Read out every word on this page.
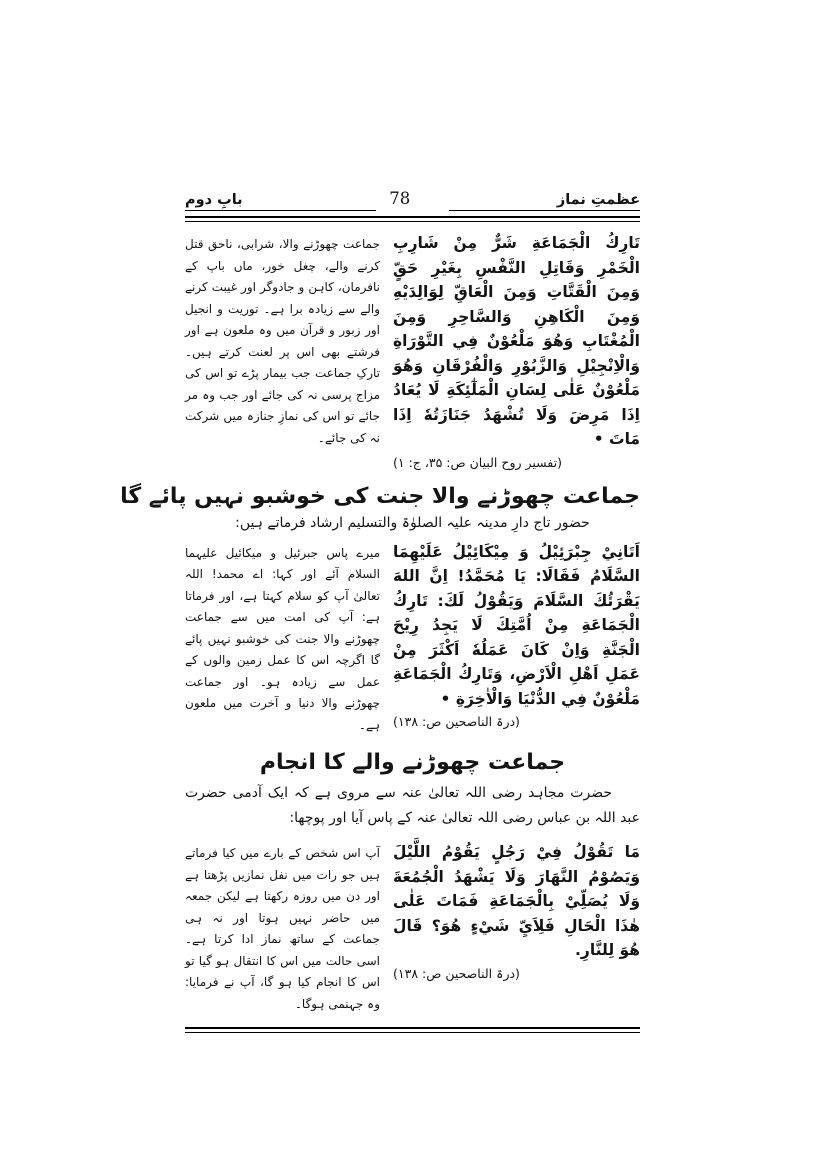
بابِ دوم	78	عظمتِ نماز
تَارِكُ الْجَمَاعَةِ شَرٌّ مِنْ شَارِبِ الْخَمْرِ وَقَاتِلِ النَّفْسِ بِغَيْرِ حَقٍّ وَمِنَ الْقَتَّاتِ وَمِنَ الْعَاقِّ لِوَالِدَيْهِ وَمِنَ الْكَاهِنِ وَالسَّاحِرِ وَمِنَ الْمُغْتَابِ وَهُوَ مَلْعُوْنٌ فِي التَّوْرَاةِ وَالْاِنْجِيْلِ وَالزَّبُوْرِ وَالْفُرْقَانِ وَهُوَ مَلْعُوْنٌ عَلٰى لِسَانِ الْمَلٰٓئِكَةِ لَا يُعَادُ اِذَا مَرِضَ وَلَا تُشْهَدُ جَنَازَتُهٗ اِذَا مَاتَ •
(تفسیر روح البیان ص: ۳۵، ج: ۱)
جماعت چھوڑنے والا، شرابی، ناحق قتل کرنے والے، چغل خور، ماں باپ کے نافرمان، کاہن و جادوگر اور غیبت کرنے والے سے زیادہ برا ہے۔ توریت و انجیل اور زبور و قرآن میں وہ ملعون ہے اور فرشتے بھی اس پر لعنت کرتے ہیں۔ تارکِ جماعت جب بیمار پڑے تو اس کی مزاج پرسی نہ کی جائے اور جب وہ مر جائے تو اس کی نمازِ جنازہ میں شرکت نہ کی جائے۔
جماعت چھوڑنے والا جنت کی خوشبو نہیں پائے گا
حضور تاج دارِ مدینہ علیہ الصلوٰۃ والتسلیم ارشاد فرماتے ہیں:
اَتَانِيْ جِبْرَئِيْلُ وَ مِيْكَائِيْلُ عَلَيْهِمَا السَّلَامُ فَقَالَا: يَا مُحَمَّدُ! اِنَّ اللهَ يَقْرَئُكَ السَّلَامَ وَيَقُوْلُ لَكَ: تَارِكُ الْجَمَاعَةِ مِنْ اُمَّتِكَ لَا يَجِدُ رِيْحَ الْجَنَّةِ وَاِنْ كَانَ عَمَلُهٗ اَكْثَرَ مِنْ عَمَلِ اَهْلِ الْاَرْضِ، وَتَارِكُ الْجَمَاعَةِ مَلْعُوْنٌ فِي الدُّنْيَا وَالْاٰخِرَةِ •
(درۃ الناصحین ص: ۱۳۸)
میرے پاس جبرئیل و میکائیل علیہما السلام آئے اور کہا: اے محمد! اللہ تعالیٰ آپ کو سلام کہتا ہے، اور فرماتا ہے: آپ کی امت میں سے جماعت چھوڑنے والا جنت کی خوشبو نہیں پائے گا اگرچہ اس کا عمل زمین والوں کے عمل سے زیادہ ہو۔ اور جماعت چھوڑنے والا دنیا و آخرت میں ملعون ہے۔
جماعت چھوڑنے والے کا انجام
حضرت مجاہد رضی اللہ تعالیٰ عنہ سے مروی ہے کہ ایک آدمی حضرت عبد اللہ بن عباس رضی اللہ تعالیٰ عنہ کے پاس آیا اور پوچھا:
مَا تَقُوْلُ فِيْ رَجُلٍ يَقُوْمُ اللَّيْلَ وَيَصُوْمُ النَّهَارَ وَلَا يَشْهَدُ الْجُمُعَةَ وَلَا يُصَلِّيْ بِالْجَمَاعَةِ فَمَاتَ عَلٰى هٰذَا الْحَالِ فَلِاَيِّ شَيْءٍ هُوَ؟ قَالَ هُوَ لِلنَّارِ.
(درۃ الناصحین ص: ۱۳۸)
آپ اس شخص کے بارے میں کیا فرماتے ہیں جو رات میں نفل نمازیں پڑھتا ہے اور دن میں روزہ رکھتا ہے لیکن جمعہ میں حاضر نہیں ہوتا اور نہ ہی جماعت کے ساتھ نماز ادا کرتا ہے۔ اسی حالت میں اس کا انتقال ہو گیا تو اس کا انجام کیا ہو گا، آپ نے فرمایا: وہ جہنمی ہوگا۔
